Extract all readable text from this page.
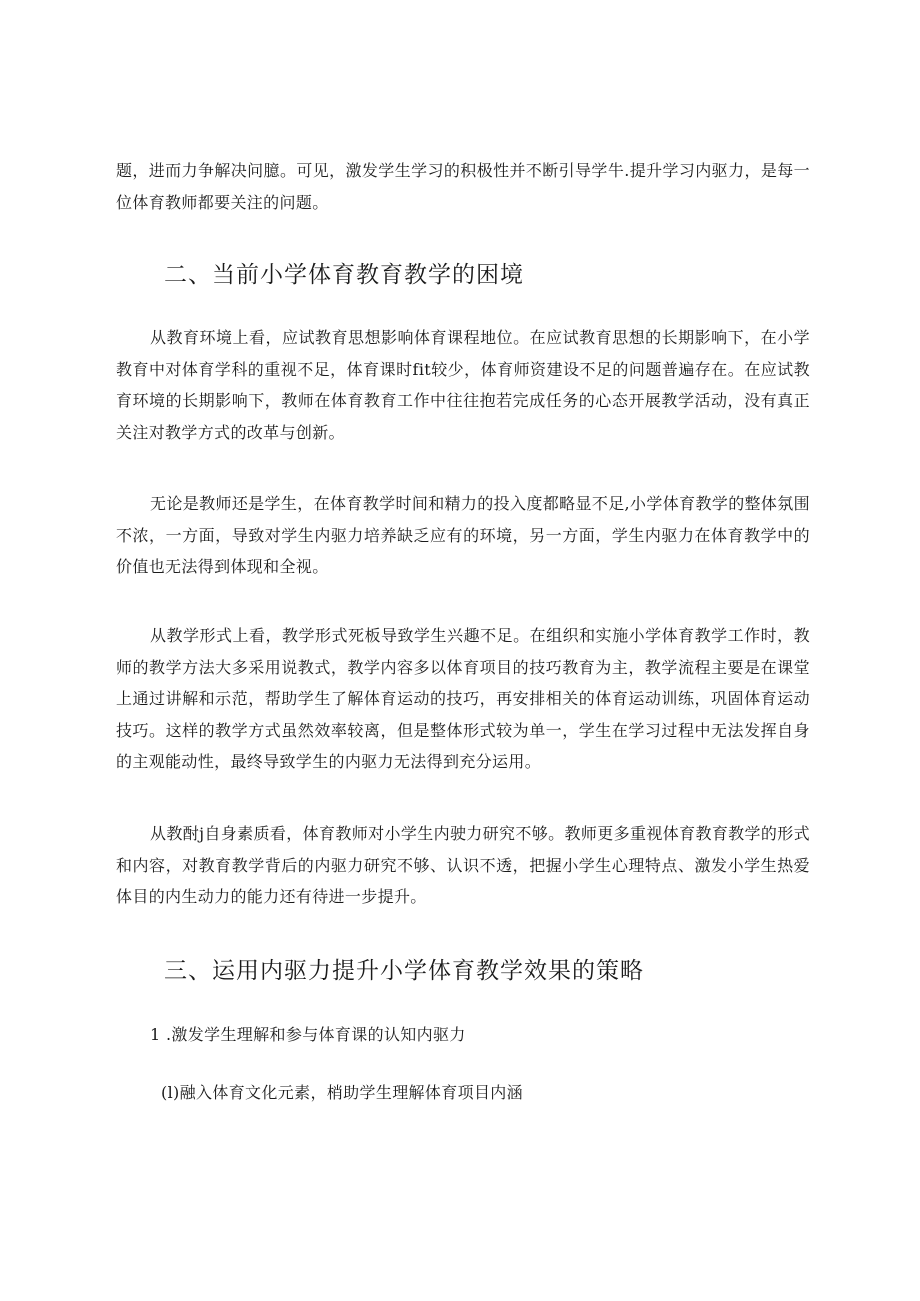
题，进而力争解决问臆。可见，激发学生学习的积极性并不断引导学牛.提升学习内驱力，是每一位体育教师都要关注的问题。

二、当前小学体育教育教学的困境

从教育环境上看，应试教育思想影响体育课程地位。在应试教育思想的长期影响下，在小学教育中对体育学科的重视不足，体育课时fit较少，体育师资建设不足的问题普遍存在。在应试教育环境的长期影响下，教师在体育教育工作中往往抱若完成任务的心态开展教学活动，没有真正关注对教学方式的改革与创新。

无论是教师还是学生，在体育教学时间和精力的投入度都略显不足,小学体育教学的整体氛围不浓，一方面，导致对学生内驱力培养缺乏应有的环境，另一方面，学生内驱力在体育教学中的价值也无法得到体现和全视。

从教学形式上看，教学形式死板导致学生兴趣不足。在组织和实施小学体育教学工作时，教师的教学方法大多采用说教式，教学内容多以体育项目的技巧教育为主，教学流程主要是在课堂上通过讲解和示范，帮助学生了解体育运动的技巧，再安排相关的体育运动训练，巩固体育运动技巧。这样的教学方式虽然效率较离，但是整体形式较为单一，学生在学习过程中无法发挥自身的主观能动性，最终导致学生的内驱力无法得到充分运用。

从教酎j自身素质看，体育教师对小学生内驶力研究不够。教师更多重视体育教育教学的形式和内容，对教育教学背后的内驱力研究不够、认识不透，把握小学生心理特点、激发小学生热爱体目的内生动力的能力还有待进一步提升。

三、运用内驱力提升小学体育教学效果的策略

1 .激发学生理解和参与体育课的认知内驱力

(l)融入体育文化元素，梢助学生理解体育项目内涵
